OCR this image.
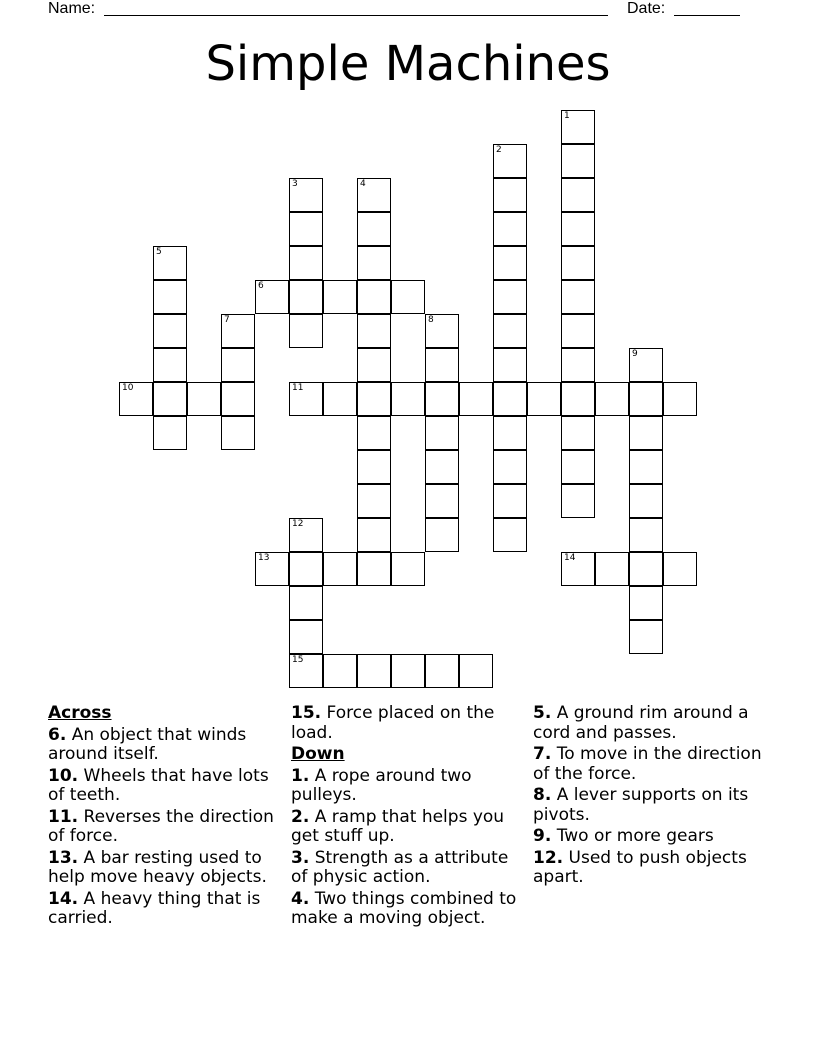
Name:	Date:
Simple Machines
1
2
3	4
5
6
7	8
9
10	11
12
15
13	14
Across
6. An object that winds around itself.
10. Wheels that have lots of teeth.
11. Reverses the direction of force.
13. A bar resting used to help move heavy objects.
14. A heavy thing that is carried.
15. Force placed on the load.
Down
1. A rope around two pulleys.
2. A ramp that helps you get stuff up.
3. Strength as a attribute of physic action.
4. Two things combined to make a moving object.
5. A ground rim around a cord and passes.
7. To move in the direction of the force.
8. A lever supports on its pivots.
9. Two or more gears
12. Used to push objects apart.
